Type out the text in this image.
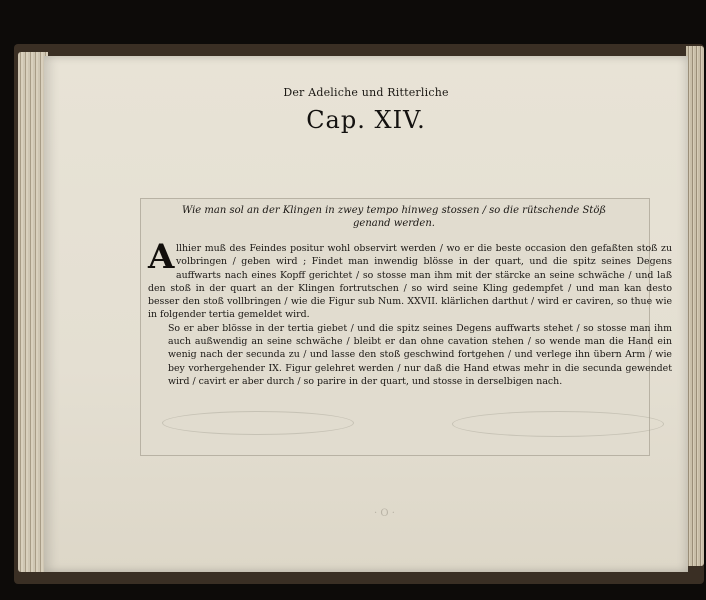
Der Adeliche und Ritterliche
Cap. XIV.
Wie man sol an der Klingen in zwey tempo hinweg stossen / so die rütschende Stöß genand werden.

Allhier muß des Feindes positur wohl observirt werden / wo er die beste occasion den gefaßten stoß zu volbringen / geben wird ; Findet man inwendig blösse in der quart, und die spitz seines Degens auffwarts nach eines Kopff gerichtet / so stosse man ihm mit der stärcke an seine schwäche / und laß den stoß in der quart an der Klingen fortrutschen / so wird seine Kling gedempfet / und man kan desto besser den stoß vollbringen / wie die Figur sub Num. XXVII. klärlichen darthut / wird er caviren, so thue wie in folgender tertia gemeldet wird.

So er aber blösse in der tertia giebet / und die spitz seines Degens auffwarts stehet / so stosse man ihm auch außwendig an seine schwäche / bleibt er dan ohne cavation stehen / so wende man die Hand ein wenig nach der secunda zu / und lasse den stoß geschwind fortgehen / und verlege ihn übern Arm / wie bey vorhergehender IX. Figur gelehret werden / nur daß die Hand etwas mehr in die secunda gewendet wird / cavirt er aber durch / so parire in der quart, und stosse in derselbigen nach.

· O ·
